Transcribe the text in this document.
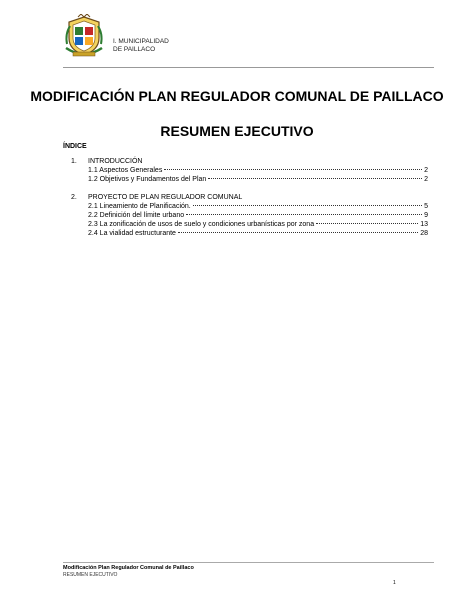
I. MUNICIPALIDAD
DE PAILLACO
MODIFICACIÓN PLAN REGULADOR COMUNAL DE PAILLACO
RESUMEN EJECUTIVO
ÍNDICE
1. INTRODUCCIÓN
1.1 Aspectos Generales	2
1.2 Objetivos y Fundamentos del Plan	2
2. PROYECTO DE PLAN REGULADOR COMUNAL
2.1 Lineamiento de Planificación.	5
2.2 Definición del límite urbano	9
2.3 La zonificación de usos de suelo y condiciones urbanísticas por zona	13
2.4 La vialidad estructurante	28
Modificación Plan Regulador Comunal de Paillaco
RESUMEN EJECUTIVO
1
